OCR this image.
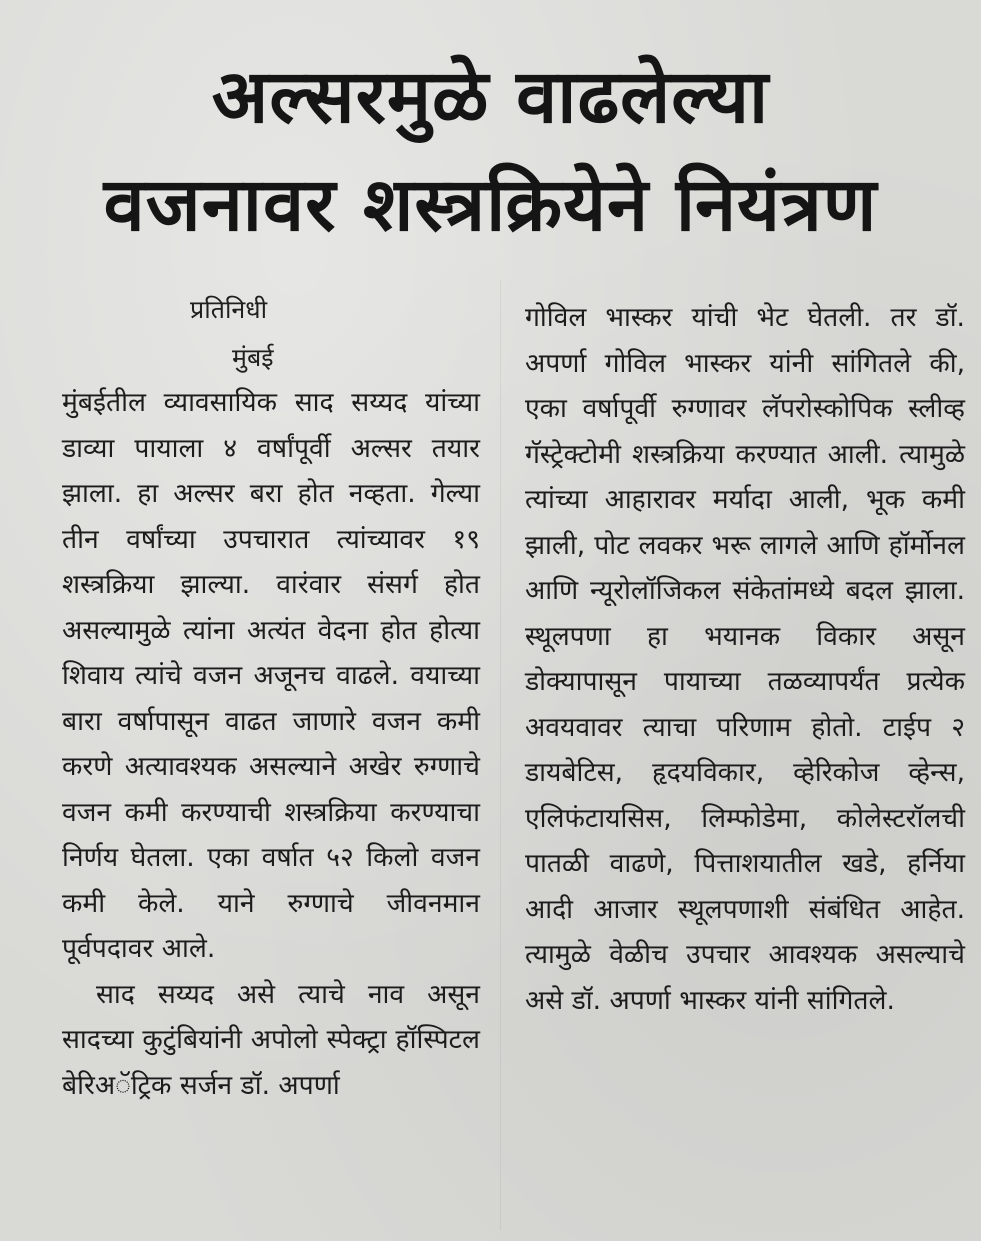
अल्सरमुळे वाढलेल्या
वजनावर शस्त्रक्रियेने नियंत्रण
प्रतिनिधी
मुंबई

मुंबईतील व्यावसायिक साद सय्यद यांच्या डाव्या पायाला ४ वर्षांपूर्वी अल्सर तयार झाला. हा अल्सर बरा होत नव्हता. गेल्या तीन वर्षांच्या उपचारात त्यांच्यावर १९ शस्त्रक्रिया झाल्या. वारंवार संसर्ग होत असल्यामुळे त्यांना अत्यंत वेदना होत होत्या शिवाय त्यांचे वजन अजूनच वाढले. वयाच्या बारा वर्षापासून वाढत जाणारे वजन कमी करणे अत्यावश्यक असल्याने अखेर रुग्णाचे वजन कमी करण्याची शस्त्रक्रिया करण्याचा निर्णय घेतला. एका वर्षात ५२ किलो वजन कमी केले. याने रुग्णाचे जीवनमान पूर्वपदावर आले.

साद सय्यद असे त्याचे नाव असून सादच्या कुटुंबियांनी अपोलो स्पेक्ट्रा हॉस्पिटल बेरिअॅट्रिक सर्जन डॉ. अपर्णा

गोविल भास्कर यांची भेट घेतली. तर डॉ. अपर्णा गोविल भास्कर यांनी सांगितले की, एका वर्षापूर्वी रुग्णावर लॅपरोस्कोपिक स्लीव्ह गॅस्ट्रेक्टोमी शस्त्रक्रिया करण्यात आली. त्यामुळे त्यांच्या आहारावर मर्यादा आली, भूक कमी झाली, पोट लवकर भरू लागले आणि हॉर्मोनल आणि न्यूरोलॉजिकल संकेतांमध्ये बदल झाला. स्थूलपणा हा भयानक विकार असून डोक्यापासून पायाच्या तळव्यापर्यंत प्रत्येक अवयवावर त्याचा परिणाम होतो. टाईप २ डायबेटिस, हृदयविकार, व्हेरिकोज व्हेन्स, एलिफंटायसिस, लिम्फोडेमा, कोलेस्टरॉलची पातळी वाढणे, पित्ताशयातील खडे, हर्निया आदी आजार स्थूलपणाशी संबंधित आहेत. त्यामुळे वेळीच उपचार आवश्यक असल्याचे असे डॉ. अपर्णा भास्कर यांनी सांगितले.
